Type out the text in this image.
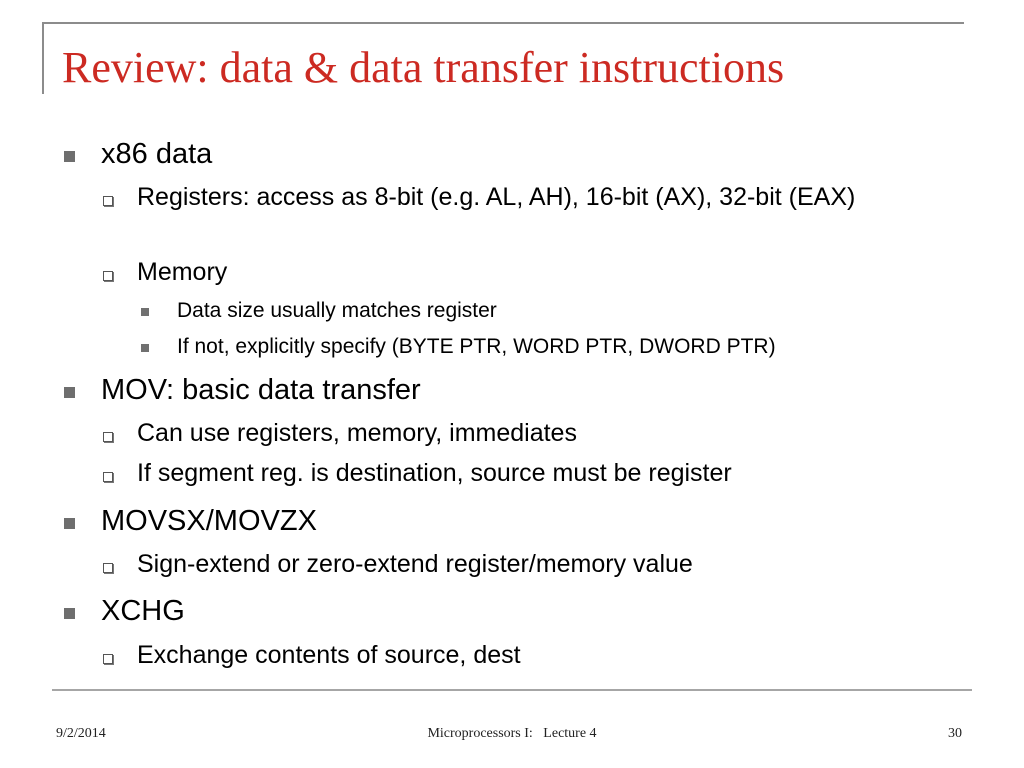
Review: data & data transfer instructions
x86 data
Registers: access as 8-bit (e.g. AL, AH), 16-bit (AX), 32-bit (EAX)
Memory
Data size usually matches register
If not, explicitly specify (BYTE PTR, WORD PTR, DWORD PTR)
MOV: basic data transfer
Can use registers, memory, immediates
If segment reg. is destination, source must be register
MOVSX/MOVZX
Sign-extend or zero-extend register/memory value
XCHG
Exchange contents of source, dest
9/2/2014	Microprocessors I:   Lecture 4	30
